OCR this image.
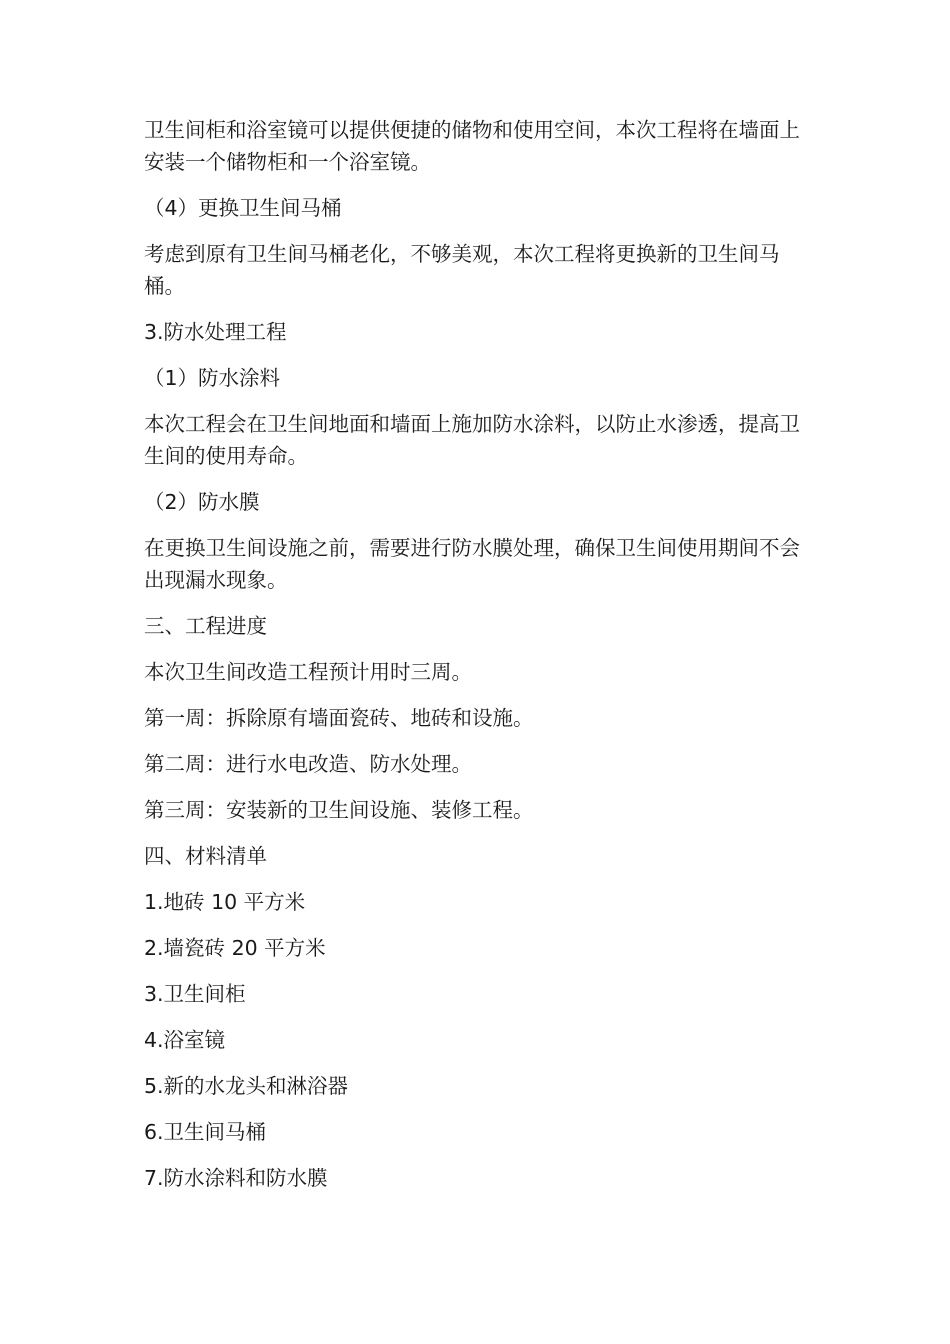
卫生间柜和浴室镜可以提供便捷的储物和使用空间，本次工程将在墙面上安装一个储物柜和一个浴室镜。

（4）更换卫生间马桶

考虑到原有卫生间马桶老化，不够美观，本次工程将更换新的卫生间马桶。

3.防水处理工程

（1）防水涂料

本次工程会在卫生间地面和墙面上施加防水涂料，以防止水渗透，提高卫生间的使用寿命。

（2）防水膜

在更换卫生间设施之前，需要进行防水膜处理，确保卫生间使用期间不会出现漏水现象。

三、工程进度

本次卫生间改造工程预计用时三周。

第一周：拆除原有墙面瓷砖、地砖和设施。

第二周：进行水电改造、防水处理。

第三周：安装新的卫生间设施、装修工程。

四、材料清单

1.地砖 10 平方米

2.墙瓷砖 20 平方米

3.卫生间柜

4.浴室镜

5.新的水龙头和淋浴器

6.卫生间马桶

7.防水涂料和防水膜
